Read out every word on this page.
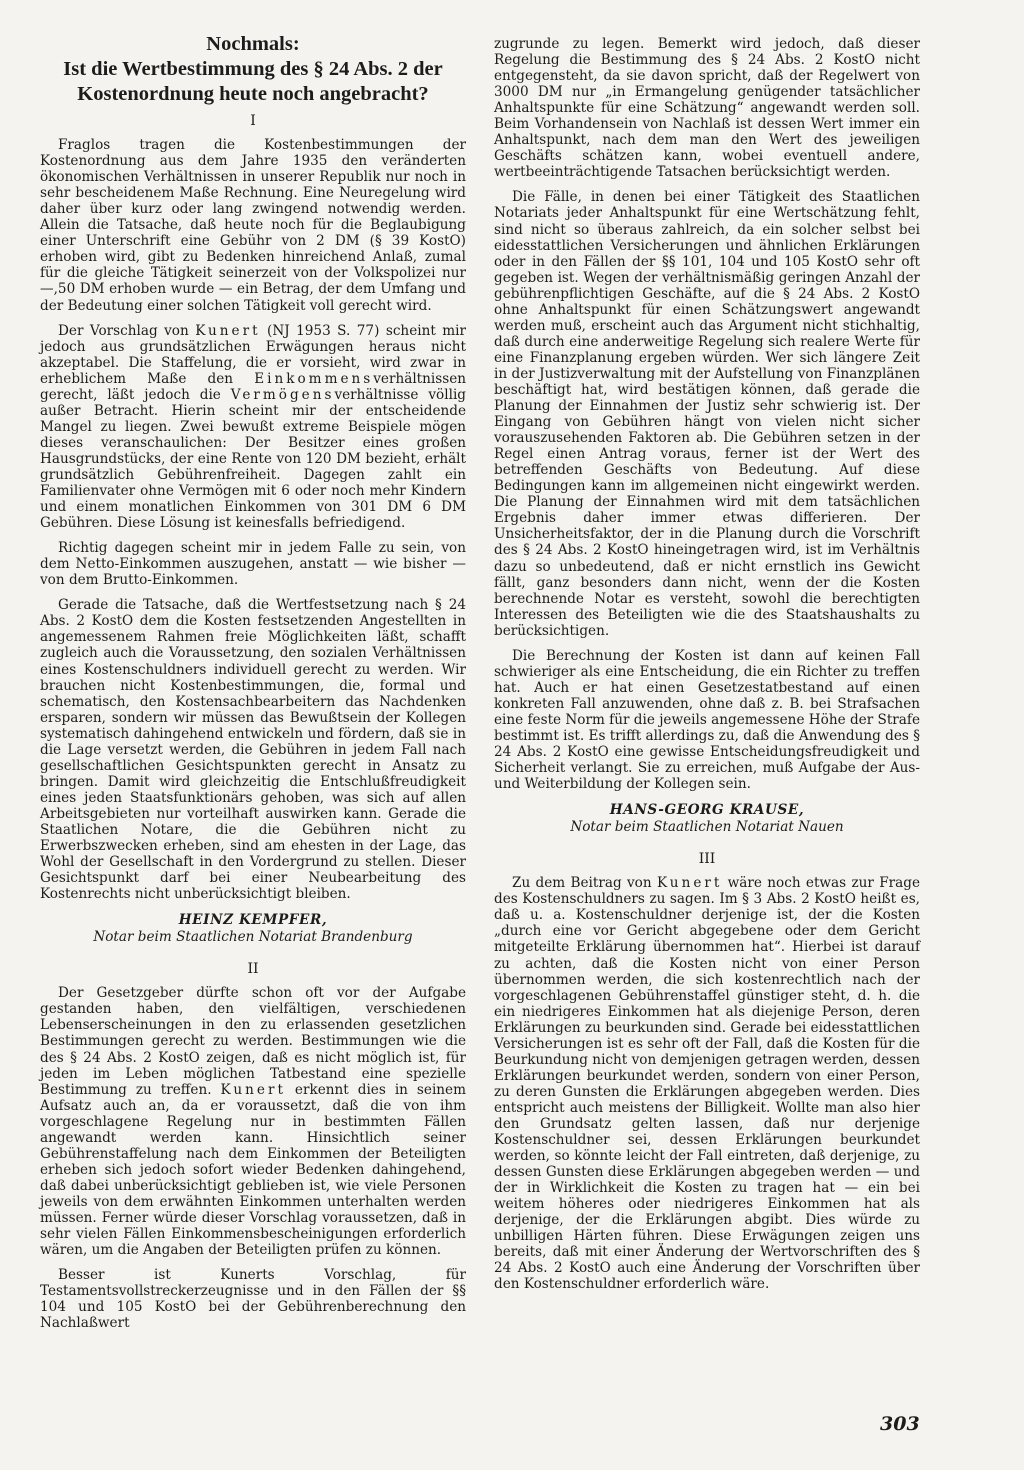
Nochmals:
Ist die Wertbestimmung des § 24 Abs. 2 der
Kostenordnung heute noch angebracht?
I

Fraglos tragen die Kostenbestimmungen der Kostenordnung aus dem Jahre 1935 den veränderten ökonomischen Verhältnissen in unserer Republik nur noch in sehr bescheidenem Maße Rechnung. Eine Neuregelung wird daher über kurz oder lang zwingend notwendig werden. Allein die Tatsache, daß heute noch für die Beglaubigung einer Unterschrift eine Gebühr von 2 DM (§ 39 KostO) erhoben wird, gibt zu Bedenken hinreichend Anlaß, zumal für die gleiche Tätigkeit seinerzeit von der Volkspolizei nur —,50 DM erhoben wurde — ein Betrag, der dem Umfang und der Bedeutung einer solchen Tätigkeit voll gerecht wird.

Der Vorschlag von Kunert (NJ 1953 S. 77) scheint mir jedoch aus grundsätzlichen Erwägungen heraus nicht akzeptabel. Die Staffelung, die er vorsieht, wird zwar in erheblichem Maße den Einkommensverhältnissen gerecht, läßt jedoch die Vermögensverhältnisse völlig außer Betracht. Hierin scheint mir der entscheidende Mangel zu liegen. Zwei bewußt extreme Beispiele mögen dieses veranschaulichen: Der Besitzer eines großen Hausgrundstücks, der eine Rente von 120 DM bezieht, erhält grundsätzlich Gebührenfreiheit. Dagegen zahlt ein Familienvater ohne Vermögen mit 6 oder noch mehr Kindern und einem monatlichen Einkommen von 301 DM 6 DM Gebühren. Diese Lösung ist keinesfalls befriedigend.

Richtig dagegen scheint mir in jedem Falle zu sein, von dem Netto-Einkommen auszugehen, anstatt — wie bisher — von dem Brutto-Einkommen.

Gerade die Tatsache, daß die Wertfestsetzung nach § 24 Abs. 2 KostO dem die Kosten festsetzenden Angestellten in angemessenem Rahmen freie Möglichkeiten läßt, schafft zugleich auch die Voraussetzung, den sozialen Verhältnissen eines Kostenschuldners individuell gerecht zu werden. Wir brauchen nicht Kostenbestimmungen, die, formal und schematisch, den Kostensachbearbeitern das Nachdenken ersparen, sondern wir müssen das Bewußtsein der Kollegen systematisch dahingehend entwickeln und fördern, daß sie in die Lage versetzt werden, die Gebühren in jedem Fall nach gesellschaftlichen Gesichtspunkten gerecht in Ansatz zu bringen. Damit wird gleichzeitig die Entschlußfreudigkeit eines jeden Staatsfunktionärs gehoben, was sich auf allen Arbeitsgebieten nur vorteilhaft auswirken kann. Gerade die Staatlichen Notare, die die Gebühren nicht zu Erwerbszwecken erheben, sind am ehesten in der Lage, das Wohl der Gesellschaft in den Vordergrund zu stellen. Dieser Gesichtspunkt darf bei einer Neubearbeitung des Kostenrechts nicht unberücksichtigt bleiben.

HEINZ KEMPFER,
Notar beim Staatlichen Notariat Brandenburg
II

Der Gesetzgeber dürfte schon oft vor der Aufgabe gestanden haben, den vielfältigen, verschiedenen Lebenserscheinungen in den zu erlassenden gesetzlichen Bestimmungen gerecht zu werden. Bestimmungen wie die des § 24 Abs. 2 KostO zeigen, daß es nicht möglich ist, für jeden im Leben möglichen Tatbestand eine spezielle Bestimmung zu treffen. Kunert erkennt dies in seinem Aufsatz auch an, da er voraussetzt, daß die von ihm vorgeschlagene Regelung nur in bestimmten Fällen angewandt werden kann. Hinsichtlich seiner Gebührenstaffelung nach dem Einkommen der Beteiligten erheben sich jedoch sofort wieder Bedenken dahingehend, daß dabei unberücksichtigt geblieben ist, wie viele Personen jeweils von dem erwähnten Einkommen unterhalten werden müssen. Ferner würde dieser Vorschlag voraussetzen, daß in sehr vielen Fällen Einkommensbescheinigungen erforderlich wären, um die Angaben der Beteiligten prüfen zu können.

Besser ist Kunerts Vorschlag, für Testamentsvollstreckerzeugnisse und in den Fällen der §§ 104 und 105 KostO bei der Gebührenberechnung den Nachlaßwert

zugrunde zu legen. Bemerkt wird jedoch, daß dieser Regelung die Bestimmung des § 24 Abs. 2 KostO nicht entgegensteht, da sie davon spricht, daß der Regelwert von 3000 DM nur „in Ermangelung genügender tatsächlicher Anhaltspunkte für eine Schätzung“ angewandt werden soll. Beim Vorhandensein von Nachlaß ist dessen Wert immer ein Anhaltspunkt, nach dem man den Wert des jeweiligen Geschäfts schätzen kann, wobei eventuell andere, wertbeeinträchtigende Tatsachen berücksichtigt werden.

Die Fälle, in denen bei einer Tätigkeit des Staatlichen Notariats jeder Anhaltspunkt für eine Wertschätzung fehlt, sind nicht so überaus zahlreich, da ein solcher selbst bei eidesstattlichen Versicherungen und ähnlichen Erklärungen oder in den Fällen der §§ 101, 104 und 105 KostO sehr oft gegeben ist. Wegen der verhältnismäßig geringen Anzahl der gebührenpflichtigen Geschäfte, auf die § 24 Abs. 2 KostO ohne Anhaltspunkt für einen Schätzungswert angewandt werden muß, erscheint auch das Argument nicht stichhaltig, daß durch eine anderweitige Regelung sich realere Werte für eine Finanzplanung ergeben würden. Wer sich längere Zeit in der Justizverwaltung mit der Aufstellung von Finanzplänen beschäftigt hat, wird bestätigen können, daß gerade die Planung der Einnahmen der Justiz sehr schwierig ist. Der Eingang von Gebühren hängt von vielen nicht sicher vorauszusehenden Faktoren ab. Die Gebühren setzen in der Regel einen Antrag voraus, ferner ist der Wert des betreffenden Geschäfts von Bedeutung. Auf diese Bedingungen kann im allgemeinen nicht eingewirkt werden. Die Planung der Einnahmen wird mit dem tatsächlichen Ergebnis daher immer etwas differieren. Der Unsicherheitsfaktor, der in die Planung durch die Vorschrift des § 24 Abs. 2 KostO hineingetragen wird, ist im Verhältnis dazu so unbedeutend, daß er nicht ernstlich ins Gewicht fällt, ganz besonders dann nicht, wenn der die Kosten berechnende Notar es versteht, sowohl die berechtigten Interessen des Beteiligten wie die des Staatshaushalts zu berücksichtigen.

Die Berechnung der Kosten ist dann auf keinen Fall schwieriger als eine Entscheidung, die ein Richter zu treffen hat. Auch er hat einen Gesetzestatbestand auf einen konkreten Fall anzuwenden, ohne daß z. B. bei Strafsachen eine feste Norm für die jeweils angemessene Höhe der Strafe bestimmt ist. Es trifft allerdings zu, daß die Anwendung des § 24 Abs. 2 KostO eine gewisse Entscheidungsfreudigkeit und Sicherheit verlangt. Sie zu erreichen, muß Aufgabe der Aus- und Weiterbildung der Kollegen sein.

HANS-GEORG KRAUSE,
Notar beim Staatlichen Notariat Nauen
III

Zu dem Beitrag von Kunert wäre noch etwas zur Frage des Kostenschuldners zu sagen. Im § 3 Abs. 2 KostO heißt es, daß u. a. Kostenschuldner derjenige ist, der die Kosten „durch eine vor Gericht abgegebene oder dem Gericht mitgeteilte Erklärung übernommen hat“. Hierbei ist darauf zu achten, daß die Kosten nicht von einer Person übernommen werden, die sich kostenrechtlich nach der vorgeschlagenen Gebührenstaffel günstiger steht, d. h. die ein niedrigeres Einkommen hat als diejenige Person, deren Erklärungen zu beurkunden sind. Gerade bei eidesstattlichen Versicherungen ist es sehr oft der Fall, daß die Kosten für die Beurkundung nicht von demjenigen getragen werden, dessen Erklärungen beurkundet werden, sondern von einer Person, zu deren Gunsten die Erklärungen abgegeben werden. Dies entspricht auch meistens der Billigkeit. Wollte man also hier den Grundsatz gelten lassen, daß nur derjenige Kostenschuldner sei, dessen Erklärungen beurkundet werden, so könnte leicht der Fall eintreten, daß derjenige, zu dessen Gunsten diese Erklärungen abgegeben werden — und der in Wirklichkeit die Kosten zu tragen hat — ein bei weitem höheres oder niedrigeres Einkommen hat als derjenige, der die Erklärungen abgibt. Dies würde zu unbilligen Härten führen. Diese Erwägungen zeigen uns bereits, daß mit einer Änderung der Wertvorschriften des § 24 Abs. 2 KostO auch eine Änderung der Vorschriften über den Kostenschuldner erforderlich wäre.

303
